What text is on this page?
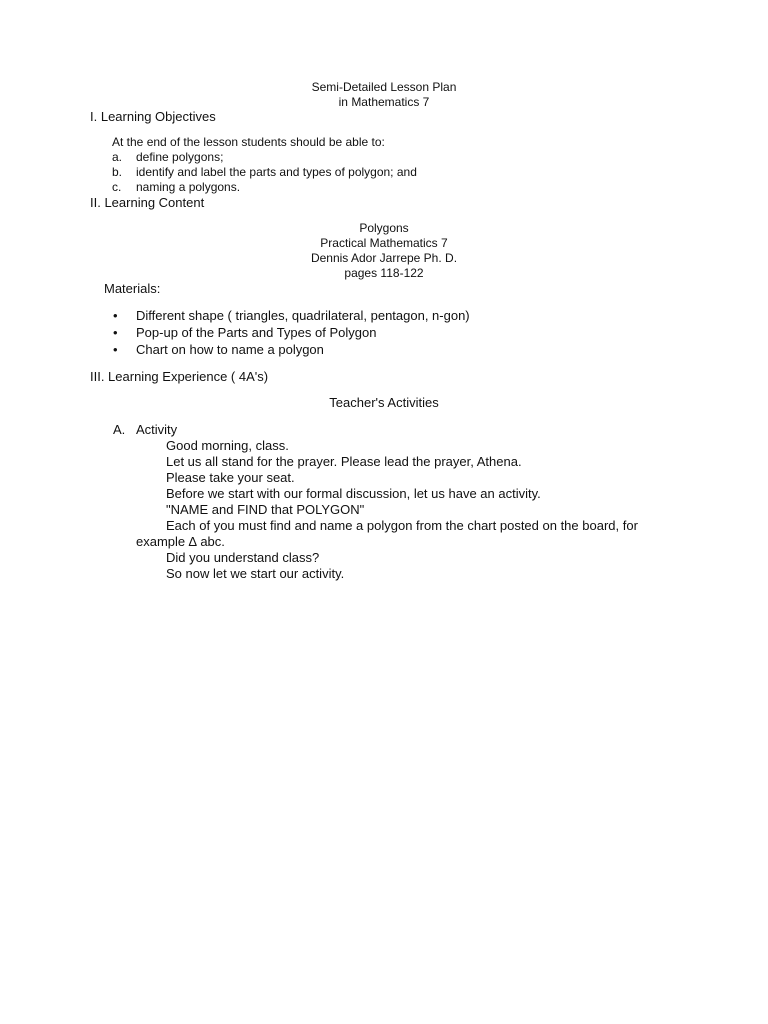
Semi-Detailed Lesson Plan
in Mathematics 7
I. Learning Objectives
At the end of the lesson students should be able to:
a. define polygons;
b. identify and label the parts and types of polygon; and
c. naming a polygons.
II. Learning Content
Polygons
Practical Mathematics 7
Dennis Ador Jarrepe Ph. D.
pages 118-122
Materials:
• Different shape ( triangles, quadrilateral, pentagon, n-gon)
• Pop-up of the Parts and Types of Polygon
• Chart on how to name a polygon
III. Learning Experience ( 4A's)
Teacher's Activities
A. Activity
Good morning, class.
Let us all stand for the prayer. Please lead the prayer, Athena.
Please take your seat.
Before we start with our formal discussion, let us have an activity.
"NAME and FIND that POLYGON"
Each of you must find and name a polygon from the chart posted on the board, for
example ∆ abc.
Did you understand class?
So now let we start our activity.
